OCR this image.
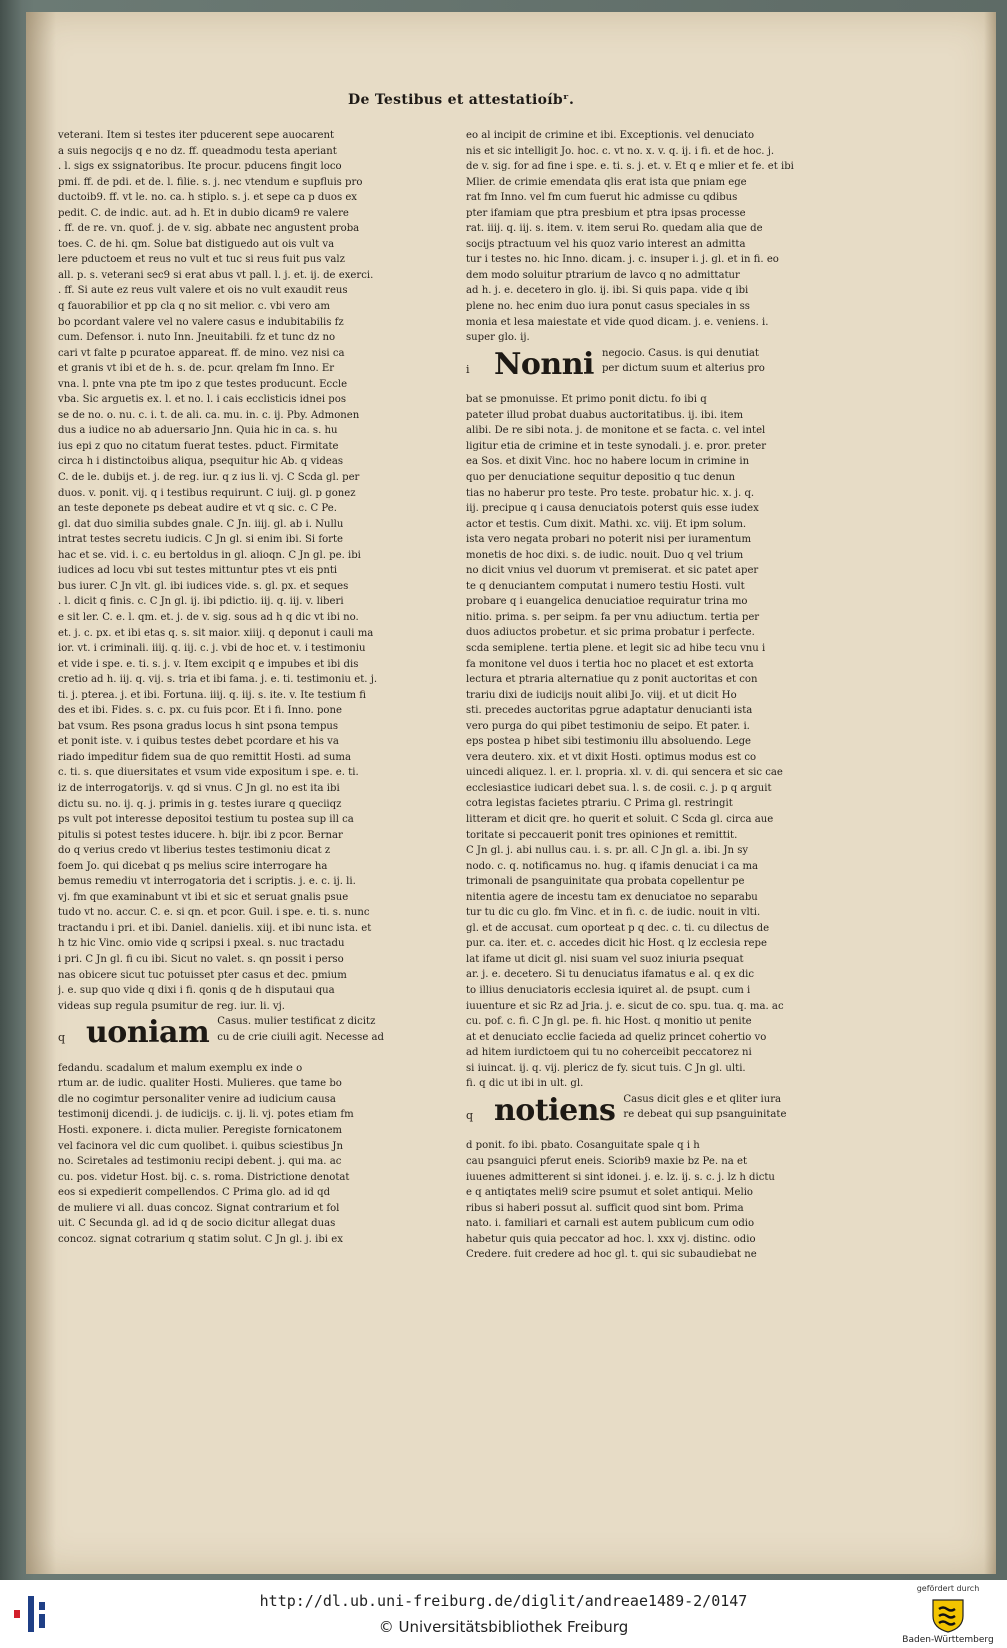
De Testibus et attestatioíbʳ.
veterani. Item si testes iter pducerent sepe auocarent
a suis negocijs q e no dz. ff. queadmodu testa aperiant
. l. sigs ex ssignatoribus. Ite procur. pducens fingit loco
pmi. ff. de pdi. et de. l. filie. s. j. nec vtendum e supfluis pro
ductoib9. ff. vt le. no. ca. h stiplo. s. j. et sepe ca p duos ex
pedit. C. de indic. aut. ad h. Et in dubio dicam9 re valere
. ff. de re. vn. quof. j. de v. sig. abbate nec angustent proba
toes. C. de hi. qm. Solue bat distiguedo aut ois vult va
lere pductoem et reus no vult et tuc si reus fuit pus valz
all. p. s. veterani sec9 si erat abus vt pall. l. j. et. ij. de exerci.
. ff. Si aute ez reus vult valere et ois no vult exaudit reus
q fauorabilior et pp cla q no sit melior. c. vbi vero am
bo pcordant valere vel no valere casus e indubitabilis fz
cum. Defensor. i. nuto Inn. Jneuitabili. fz et tunc dz no
cari vt falte p pcuratoe appareat. ff. de mino. vez nisi ca
et granis vt ibi et de h. s. de. pcur. qrelam fm Inno. Er
vna. l. pnte vna pte tm ipo z que testes producunt. Eccle
vba. Sic arguetis ex. l. et no. l. i cais ecclisticis idnei pos
se de no. o. nu. c. i. t. de ali. ca. mu. in. c. ij. Pby. Admonen
dus a iudice no ab aduersario Jnn. Quia hic in ca. s. hu
ius epi z quo no citatum fuerat testes. pduct. Firmitate
circa h i distinctoibus aliqua, psequitur hic Ab. q videas
C. de le. dubijs et. j. de reg. iur. q z ius li. vj. C Scda gl. per
duos. v. ponit. vij. q i testibus requirunt. C iuij. gl. p gonez
an teste deponete ps debeat audire et vt q sic. c. C Pe.
gl. dat duo similia subdes gnale. C Jn. iiij. gl. ab i. Nullu
intrat testes secretu iudicis. C Jn gl. si enim ibi. Si forte
hac et se. vid. i. c. eu bertoldus in gl. alioqn. C Jn gl. pe. ibi
iudices ad locu vbi sut testes mittuntur ptes vt eis pnti
bus iurer. C Jn vlt. gl. ibi iudices vide. s. gl. px. et seques
. l. dicit q finis. c. C Jn gl. ij. ibi pdictio. iij. q. iij. v. liberi
e sit ler. C. e. l. qm. et. j. de v. sig. sous ad h q dic vt ibi no.
et. j. c. px. et ibi etas q. s. sit maior. xiiij. q deponut i cauli ma
ior. vt. i criminali. iiij. q. iij. c. j. vbi de hoc et. v. i testimoniu
et vide i spe. e. ti. s. j. v. Item excipit q e impubes et ibi dis
cretio ad h. iij. q. vij. s. tria et ibi fama. j. e. ti. testimoniu et. j.
ti. j. pterea. j. et ibi. Fortuna. iiij. q. iij. s. ite. v. Ite testium fi
des et ibi. Fides. s. c. px. cu fuis pcor. Et i fi. Inno. pone
bat vsum. Res psona gradus locus h sint psona tempus
et ponit iste. v. i quibus testes debet pcordare et his va
riado impeditur fidem sua de quo remittit Hosti. ad suma
c. ti. s. que diuersitates et vsum vide expositum i spe. e. ti.
iz de interrogatorijs. v. qd si vnus. C Jn gl. no est ita ibi
dictu su. no. ij. q. j. primis in g. testes iurare q queciiqz
ps vult pot interesse depositoi testium tu postea sup ill ca
pitulis si potest testes iducere. h. bijr. ibi z pcor. Bernar
do q verius credo vt liberius testes testimoniu dicat z
foem Jo. qui dicebat q ps melius scire interrogare ha
bemus remediu vt interrogatoria det i scriptis. j. e. c. ij. li.
vj. fm que examinabunt vt ibi et sic et seruat gnalis psue
tudo vt no. accur. C. e. si qn. et pcor. Guil. i spe. e. ti. s. nunc
tractandu i pri. et ibi. Daniel. danielis. xiij. et ibi nunc ista. et
h tz hic Vinc. omio vide q scripsi i pxeal. s. nuc tractadu
i pri. C Jn gl. fi cu ibi. Sicut no valet. s. qn possit i perso
nas obicere sicut tuc potuisset pter casus et dec. pmium
j. e. sup quo vide q dixi i fi. qonis q de h disputaui qua
videas sup regula psumitur de reg. iur. li. vj.
q uoniam Casus. mulier testificat z dicitz
cu de crie ciuili agit. Necesse ad
fedandu. scadalum et malum exemplu ex inde o
rtum ar. de iudic. qualiter Hosti. Mulieres. que tame bo
dle no cogimtur personaliter venire ad iudicium causa
testimonij dicendi. j. de iudicijs. c. ij. li. vj. potes etiam fm
Hosti. exponere. i. dicta mulier. Peregiste fornicatonem
vel facinora vel dic cum quolibet. i. quibus sciestibus Jn
no. Sciretales ad testimoniu recipi debent. j. qui ma. ac
cu. pos. videtur Host. bij. c. s. roma. Districtione denotat
eos si expedierit compellendos. C Prima glo. ad id qd
de muliere vi all. duas concoz. Signat contrarium et fol
uit. C Secunda gl. ad id q de socio dicitur allegat duas
concoz. signat cotrarium q statim solut. C Jn gl. j. ibi ex
eo al incipit de crimine et ibi. Exceptionis. vel denuciato
nis et sic intelligit Jo. hoc. c. vt no. x. v. q. ij. i fi. et de hoc. j.
de v. sig. for ad fine i spe. e. ti. s. j. et. v. Et q e mlier et fe. et ibi
Mlier. de crimie emendata qlis erat ista que pniam ege
rat fm Inno. vel fm cum fuerut hic admisse cu qdibus
pter ifamiam que ptra presbium et ptra ipsas processe
rat. iiij. q. iij. s. item. v. item serui Ro. quedam alia que de
socijs ptractuum vel his quoz vario interest an admitta
tur i testes no. hic Inno. dicam. j. c. insuper i. j. gl. et in fi. eo
dem modo soluitur ptrarium de lavco q no admittatur
ad h. j. e. decetero in glo. ij. ibi. Si quis papa. vide q ibi
plene no. hec enim duo iura ponut casus speciales in ss
monia et lesa maiestate et vide quod dicam. j. e. veniens. i.
super glo. ij.
i Nonni negocio. Casus. is qui denutiat
per dictum suum et alterius pro
bat se pmonuisse. Et primo ponit dictu. fo ibi q
pateter illud probat duabus auctoritatibus. ij. ibi. item
alibi. De re sibi nota. j. de monitone et se facta. c. vel intel
ligitur etia de crimine et in teste synodali. j. e. pror. preter
ea Sos. et dixit Vinc. hoc no habere locum in crimine in
quo per denuciatione sequitur depositio q tuc denun
tias no haberur pro teste. Pro teste. probatur hic. x. j. q.
iij. precipue q i causa denuciatois poterst quis esse iudex
actor et testis. Cum dixit. Mathi. xc. viij. Et ipm solum.
ista vero negata probari no poterit nisi per iuramentum
monetis de hoc dixi. s. de iudic. nouit. Duo q vel trium
no dicit vnius vel duorum vt premiserat. et sic patet aper
te q denuciantem computat i numero testiu Hosti. vult
probare q i euangelica denuciatioe requiratur trina mo
nitio. prima. s. per seipm. fa per vnu adiuctum. tertia per
duos adiuctos probetur. et sic prima probatur i perfecte.
scda semiplene. tertia plene. et legit sic ad hibe tecu vnu i
fa monitone vel duos i tertia hoc no placet et est extorta
lectura et ptraria alternatiue qu z ponit auctoritas et con
trariu dixi de iudicijs nouit alibi Jo. viij. et ut dicit Ho
sti. precedes auctoritas pgrue adaptatur denucianti ista
vero purga do qui pibet testimoniu de seipo. Et pater. i.
eps postea p hibet sibi testimoniu illu absoluendo. Lege
vera deutero. xix. et vt dixit Hosti. optimus modus est co
uincedi aliquez. l. er. l. propria. xl. v. di. qui sencera et sic cae
ecclesiastice iudicari debet sua. l. s. de cosii. c. j. p q arguit
cotra legistas facietes ptrariu. C Prima gl. restringit
litteram et dicit qre. ho querit et soluit. C Scda gl. circa aue
toritate si peccauerit ponit tres opiniones et remittit.
C Jn gl. j. abi nullus cau. i. s. pr. all. C Jn gl. a. ibi. Jn sy
nodo. c. q. notificamus no. hug. q ifamis denuciat i ca ma
trimonali de psanguinitate qua probata copellentur pe
nitentia agere de incestu tam ex denuciatoe no separabu
tur tu dic cu glo. fm Vinc. et in fi. c. de iudic. nouit in vlti.
gl. et de accusat. cum oporteat p q dec. c. ti. cu dilectus de
pur. ca. iter. et. c. accedes dicit hic Host. q lz ecclesia repe
lat ifame ut dicit gl. nisi suam vel suoz iniuria psequat
ar. j. e. decetero. Si tu denuciatus ifamatus e al. q ex dic
to illius denuciatoris ecclesia iquiret al. de psupt. cum i
iuuenture et sic Rz ad Jria. j. e. sicut de co. spu. tua. q. ma. ac
cu. pof. c. fi. C Jn gl. pe. fi. hic Host. q monitio ut penite
at et denuciato ecclie facieda ad queliz princet cohertio vo
ad hitem iurdictoem qui tu no coherceibit peccatorez ni
si iuincat. ij. q. vij. plericz de fy. sicut tuis. C Jn gl. ulti.
fi. q dic ut ibi in ult. gl.
q notiens Casus dicit gles e et qliter iura
re debeat qui sup psanguinitate
d ponit. fo ibi. pbato. Cosanguitate spale q i h
cau psanguici pferut eneis. Sciorib9 maxie bz Pe. na et
iuuenes admitterent si sint idonei. j. e. lz. ij. s. c. j. lz h dictu
e q antiqtates meli9 scire psumut et solet antiqui. Melio
ribus si haberi possut al. sufficit quod sint bom. Prima
nato. i. familiari et carnali est autem publicum cum odio
habetur quis quia peccator ad hoc. l. xxx vj. distinc. odio
Credere. fuit credere ad hoc gl. t. qui sic subaudiebat ne
http://dl.ub.uni-freiburg.de/diglit/andreae1489-2/0147
© Universitätsbibliothek Freiburg
gefördert durch
Baden-Württemberg
